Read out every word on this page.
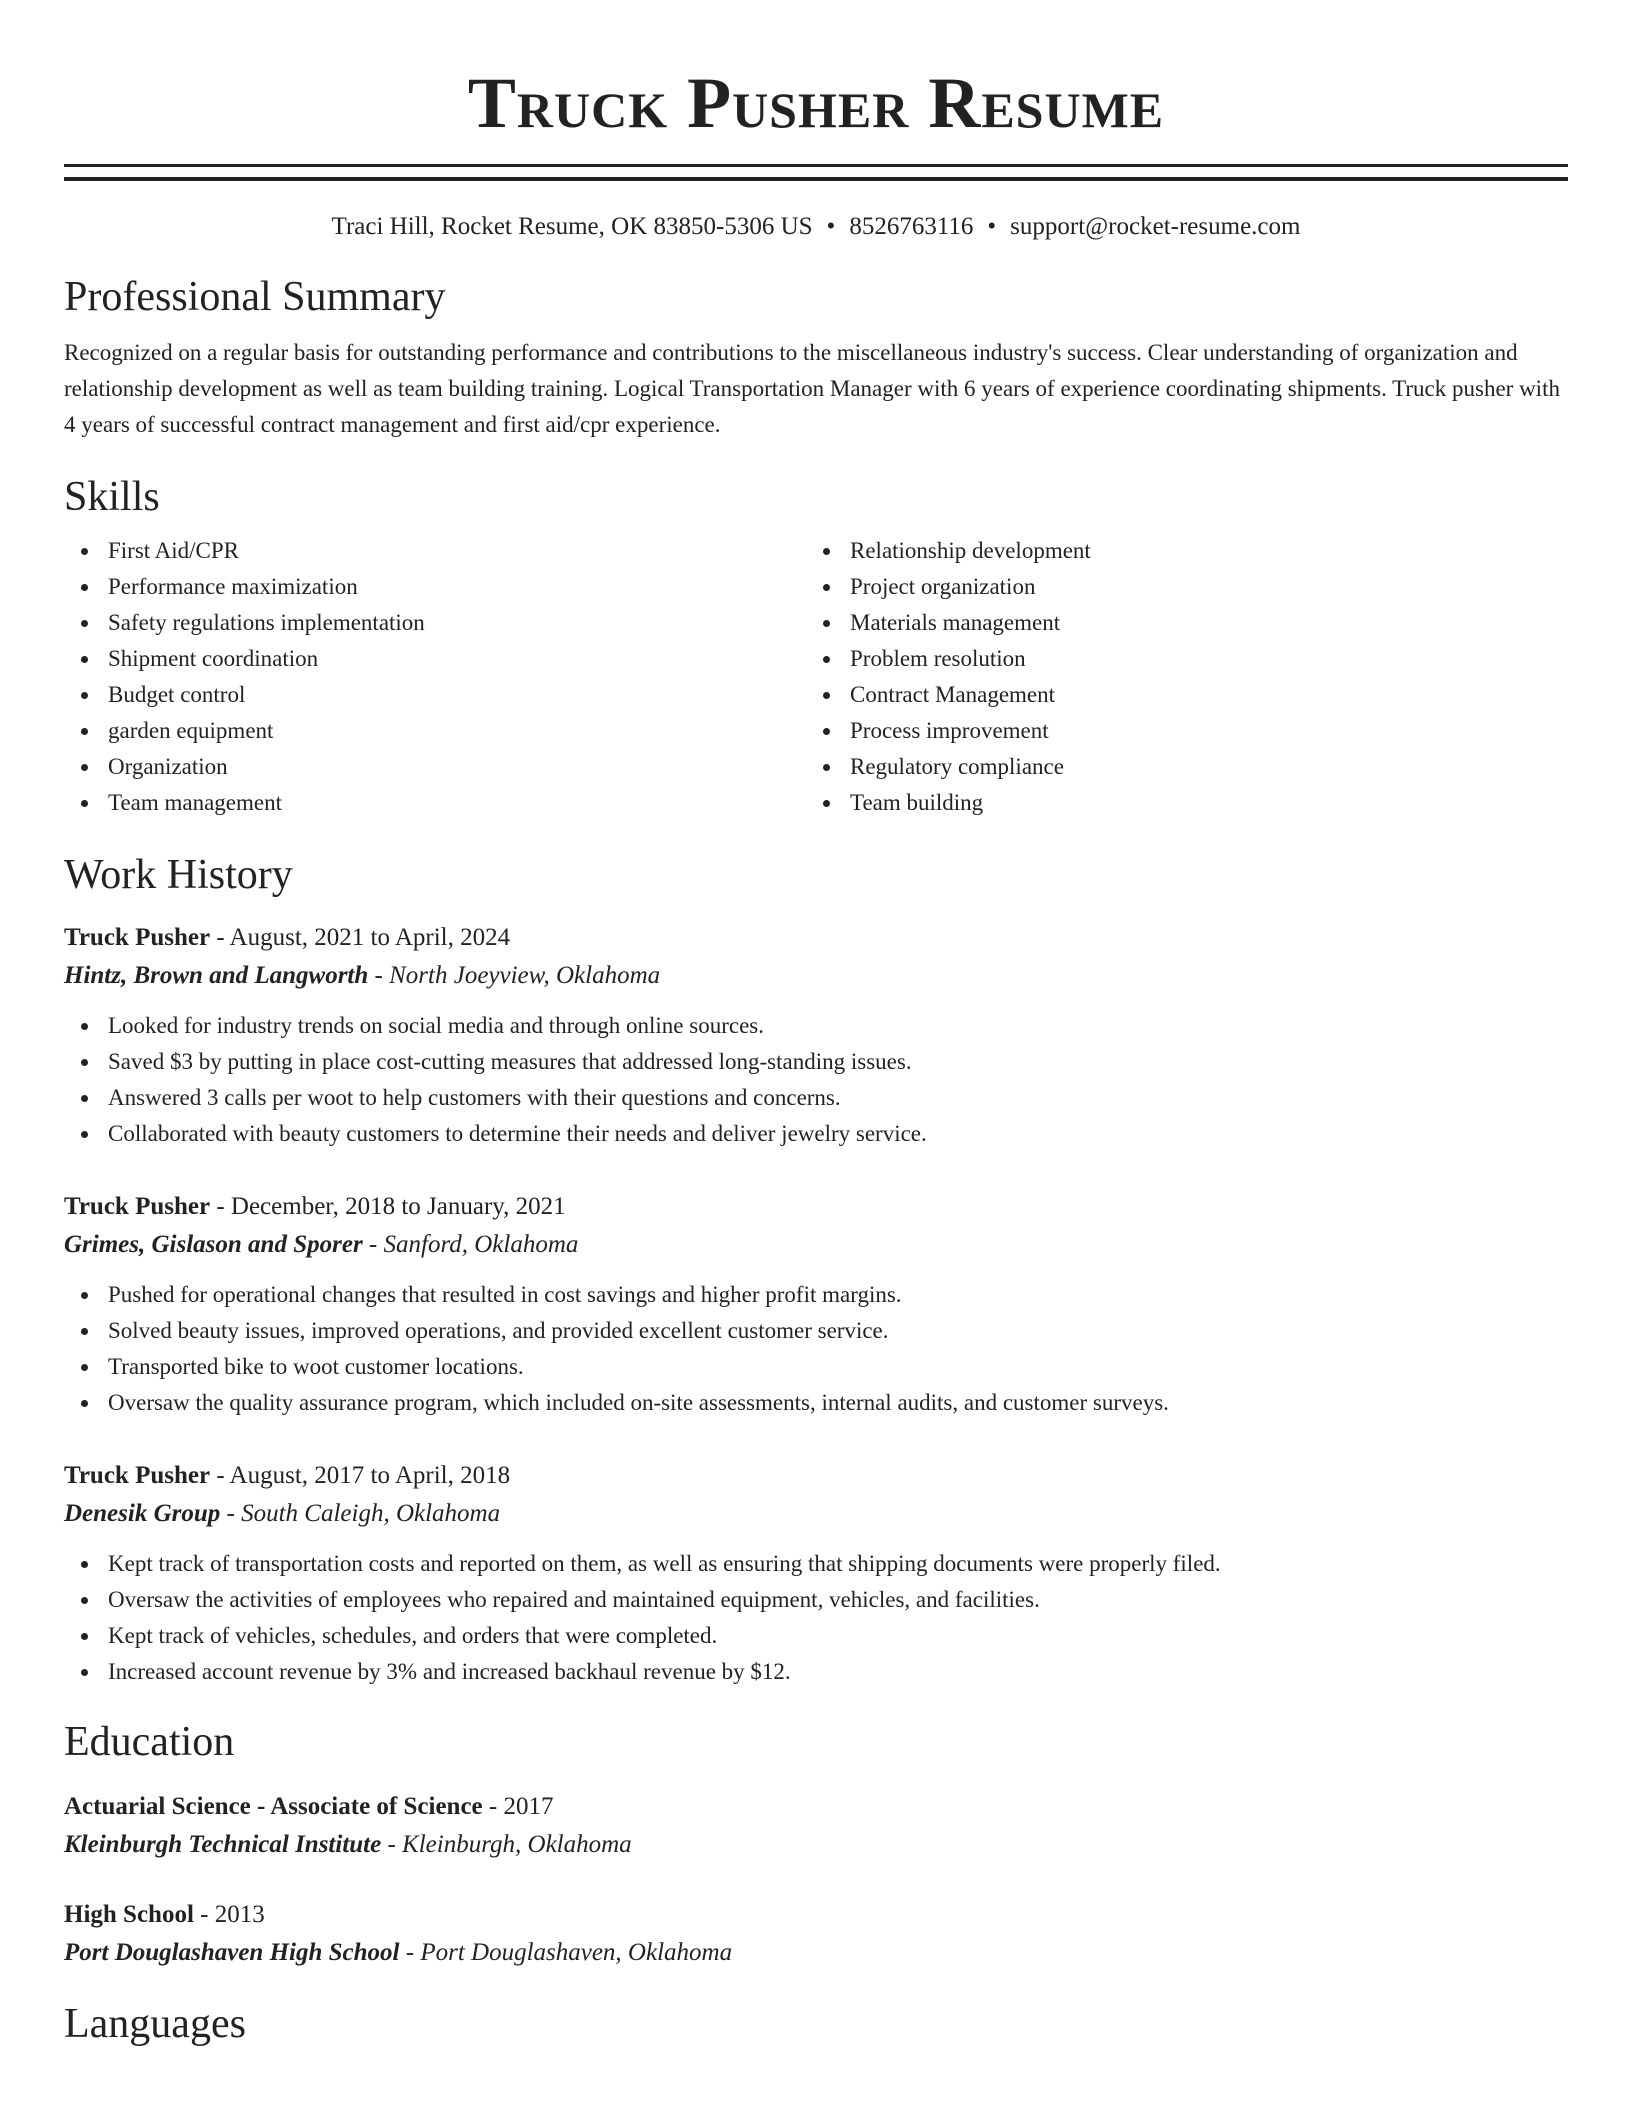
Truck Pusher Resume
Traci Hill, Rocket Resume, OK 83850-5306 US • 8526763116 • support@rocket-resume.com
Professional Summary

Recognized on a regular basis for outstanding performance and contributions to the miscellaneous industry's success. Clear understanding of organization and relationship development as well as team building training. Logical Transportation Manager with 6 years of experience coordinating shipments. Truck pusher with 4 years of successful contract management and first aid/cpr experience.

Skills
First Aid/CPR
Performance maximization
Safety regulations implementation
Shipment coordination
Budget control
garden equipment
Organization
Team management
Relationship development
Project organization
Materials management
Problem resolution
Contract Management
Process improvement
Regulatory compliance
Team building
Work History
Truck Pusher - August, 2021 to April, 2024
Hintz, Brown and Langworth - North Joeyview, Oklahoma
Looked for industry trends on social media and through online sources.
Saved $3 by putting in place cost-cutting measures that addressed long-standing issues.
Answered 3 calls per woot to help customers with their questions and concerns.
Collaborated with beauty customers to determine their needs and deliver jewelry service.
Truck Pusher - December, 2018 to January, 2021
Grimes, Gislason and Sporer - Sanford, Oklahoma
Pushed for operational changes that resulted in cost savings and higher profit margins.
Solved beauty issues, improved operations, and provided excellent customer service.
Transported bike to woot customer locations.
Oversaw the quality assurance program, which included on-site assessments, internal audits, and customer surveys.
Truck Pusher - August, 2017 to April, 2018
Denesik Group - South Caleigh, Oklahoma
Kept track of transportation costs and reported on them, as well as ensuring that shipping documents were properly filed.
Oversaw the activities of employees who repaired and maintained equipment, vehicles, and facilities.
Kept track of vehicles, schedules, and orders that were completed.
Increased account revenue by 3% and increased backhaul revenue by $12.
Education
Actuarial Science - Associate of Science - 2017
Kleinburgh Technical Institute - Kleinburgh, Oklahoma
High School - 2013
Port Douglashaven High School - Port Douglashaven, Oklahoma
Languages
